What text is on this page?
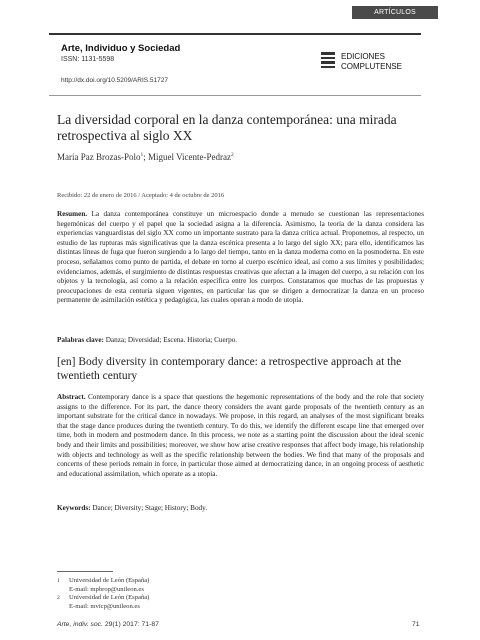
ARTÍCULOS
Arte, Individuo y Sociedad
ISSN: 1131-5598
http://dx.doi.org/10.5209/ARIS.51727
EDICIONES
COMPLUTENSE
La diversidad corporal en la danza contemporánea: una mirada retrospectiva al siglo XX
María Paz Brozas-Polo$^1$; Miguel Vicente-Pedraz$^2$
Recibido: 22 de enero de 2016 / Aceptado: 4 de octubre de 2016
Resumen. La danza contemporánea constituye un microespacio donde a menudo se cuestionan las representaciones hegemónicas del cuerpo y el papel que la sociedad asigna a la diferencia. Asimismo, la teoría de la danza considera las experiencias vanguardistas del siglo XX como un importante sustrato para la danza crítica actual. Proponemos, al respecto, un estudio de las rupturas más significativas que la danza escénica presenta a lo largo del siglo XX; para ello, identificamos las distintas líneas de fuga que fueron surgiendo a lo largo del tiempo, tanto en la danza moderna como en la posmoderna. En este proceso, señalamos como punto de partida, el debate en torno al cuerpo escénico ideal, así como a sus límites y posibilidades; evidenciamos, además, el surgimiento de distintas respuestas creativas que afectan a la imagen del cuerpo, a su relación con los objetos y la tecnología, así como a la relación específica entre los cuerpos. Constatamos que muchas de las propuestas y preocupaciones de esta centuria siguen vigentes, en particular las que se dirigen a democratizar la danza en un proceso permanente de asimilación estética y pedagógica, las cuales operan a modo de utopía.
Palabras clave: Danza; Diversidad; Escena. Historia; Cuerpo.
[en] Body diversity in contemporary dance: a retrospective approach at the twentieth century
Abstract. Contemporary dance is a space that questions the hegemonic representations of the body and the role that society assigns to the difference. For its part, the dance theory considers the avant garde proposals of the twentieth century as an important substrate for the critical dance in nowadays. We propose, in this regard, an analyses of the most significant breaks that the stage dance produces during the twentieth century. To do this, we identify the different escape line that emerged over time, both in modern and postmodern dance. In this process, we note as a starting point the discussion about the ideal scenic body and their limits and possibilities; moreover, we show how arise creative responses that affect body image, his relationship with objects and technology as well as the specific relationship between the bodies. We find that many of the proposals and concerns of these periods remain in force, in particular those aimed at democratizing dance, in an ongoing process of aesthetic and educational assimilation, which operate as a utopia.
Keywords: Dance; Diversity; Stage; History; Body.
1 Universidad de León (España)
E-mail: mpbrop@unileon.es
2 Universidad de León (España)
E-mail: mvicp@unileon.es
Arte, indiv. soc. 29(1) 2017: 71-87	71
